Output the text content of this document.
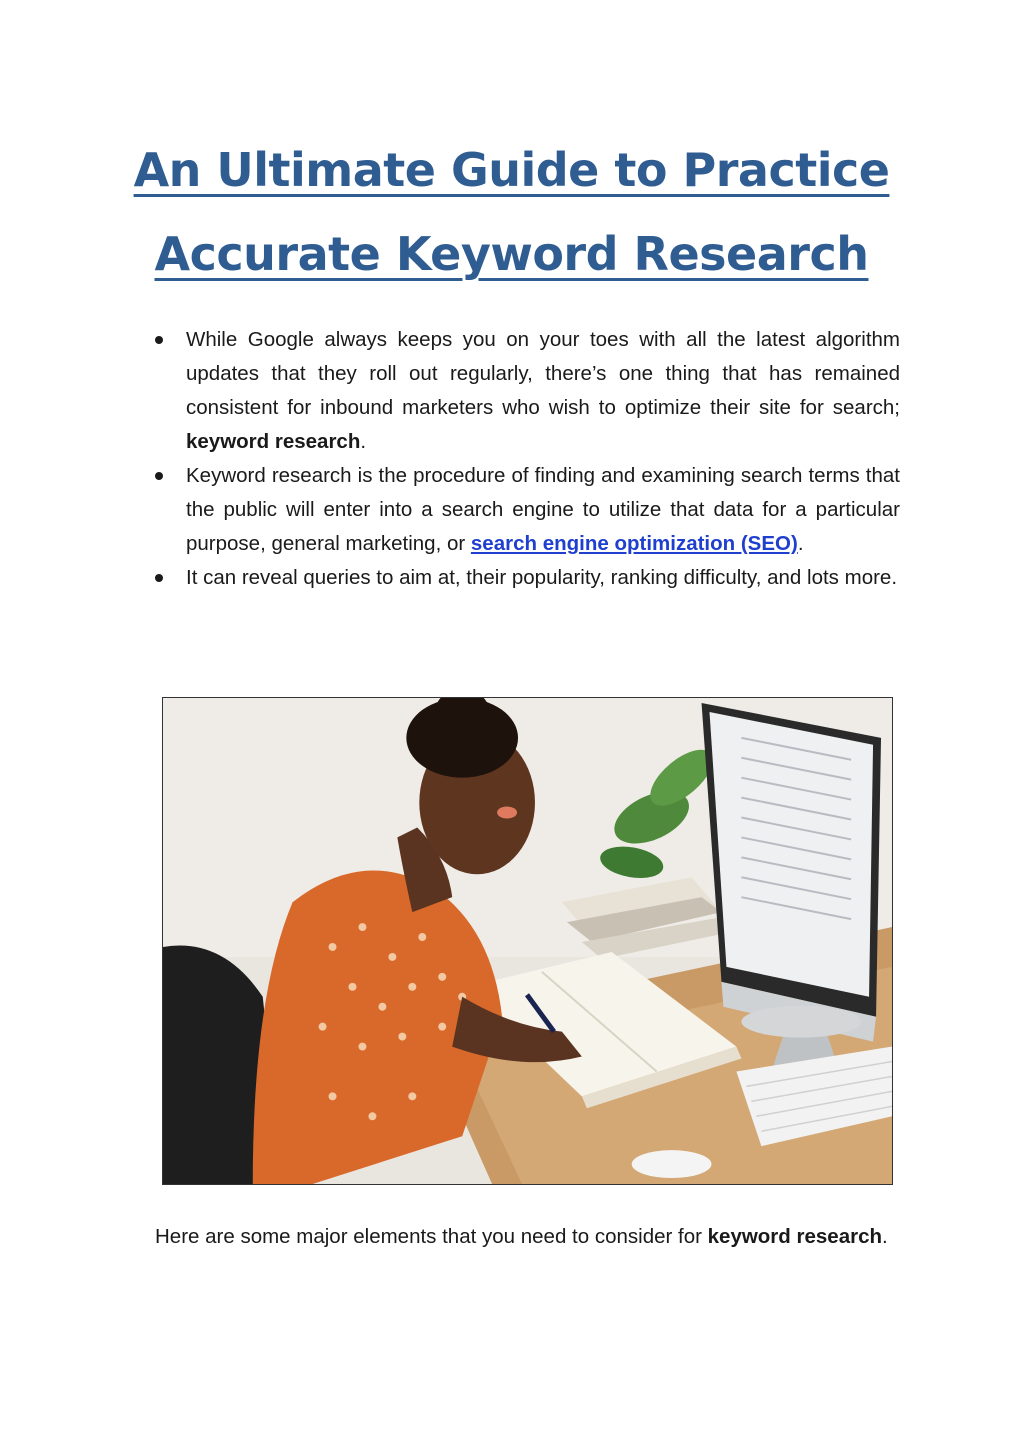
An Ultimate Guide to Practice
Accurate Keyword Research
While Google always keeps you on your toes with all the latest algorithm updates that they roll out regularly, there’s one thing that has remained consistent for inbound marketers who wish to optimize their site for search; keyword research.
Keyword research is the procedure of finding and examining search terms that the public will enter into a search engine to utilize that data for a particular purpose, general marketing, or search engine optimization (SEO).
It can reveal queries to aim at, their popularity, ranking difficulty, and lots more.

Here are some major elements that you need to consider for keyword research.
